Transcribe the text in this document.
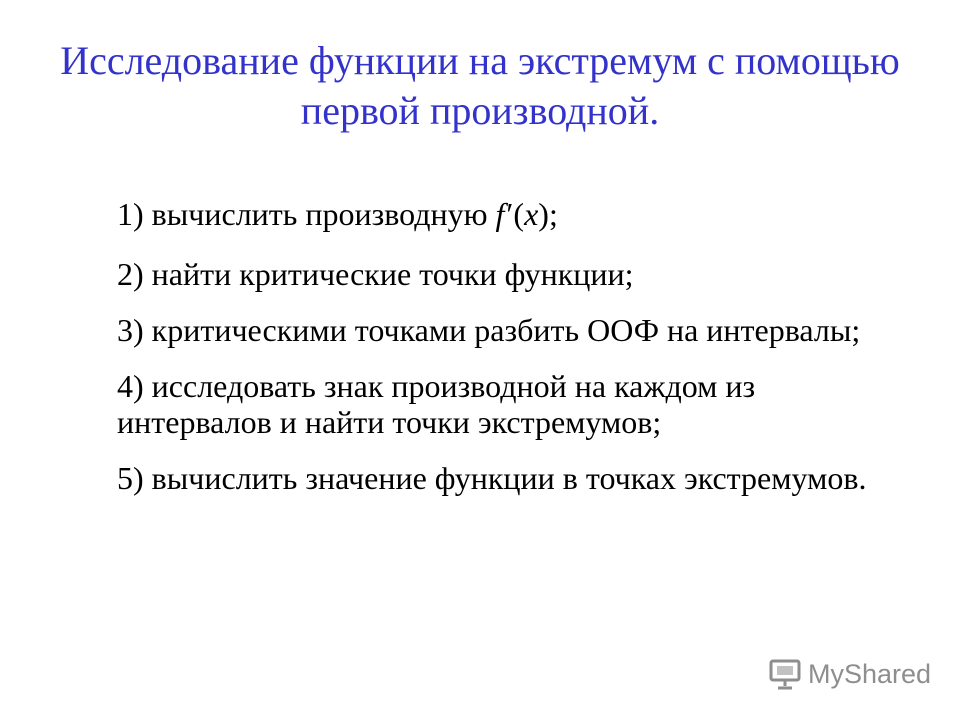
Исследование функции на экстремум с помощью первой производной.
1) вычислить производную f′(x);
2) найти критические точки функции;
3) критическими точками разбить ООФ на интервалы;
4) исследовать знак производной на каждом из интервалов и найти точки экстремумов;
5) вычислить значение функции в точках экстремумов.
MyShared
